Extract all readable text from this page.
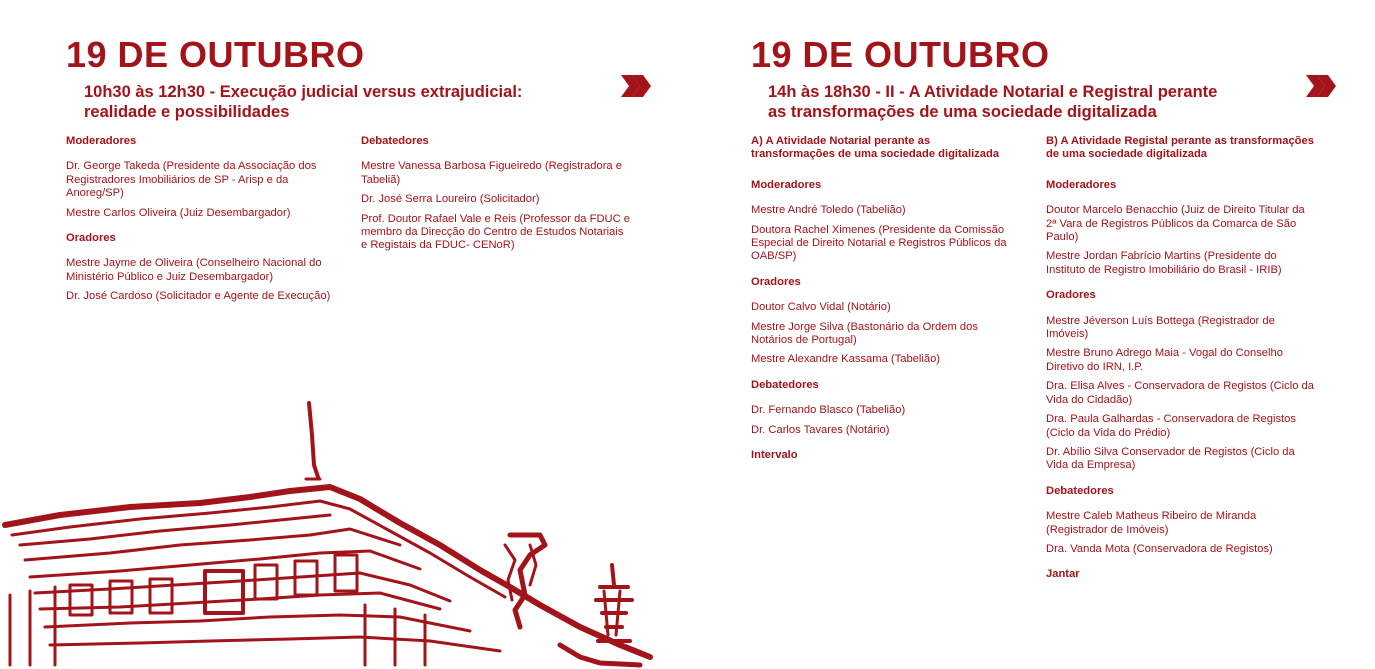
19 DE OUTUBRO
10h30 às 12h30 - Execução judicial versus extrajudicial: realidade e possibilidades
Moderadores
Dr. George Takeda (Presidente da Associação dos Registradores Imobiliários de SP - Arisp e da Anoreg/SP)
Mestre Carlos Oliveira (Juiz Desembargador)
Oradores
Mestre Jayme de Oliveira (Conselheiro Nacional do Ministério Público e Juiz Desembargador)
Dr. José Cardoso (Solicitador e Agente de Execução)
Debatedores
Mestre Vanessa Barbosa Figueiredo (Registradora e Tabeliã)
Dr. José Serra Loureiro (Solicitador)
Prof. Doutor Rafael Vale e Reis (Professor da FDUC e membro da Direcção do Centro de Estudos Notariais e Registais da FDUC- CENoR)
19 DE OUTUBRO
14h às 18h30 - II - A Atividade Notarial e Registral perante as transformações de uma sociedade digitalizada
A) A Atividade Notarial perante as transformações de uma sociedade digitalizada
Moderadores
Mestre André Toledo (Tabelião)
Doutora Rachel Ximenes (Presidente da Comissão Especial de Direito Notarial e Registros Públicos da OAB/SP)
Oradores
Doutor Calvo Vidal (Notário)
Mestre Jorge Silva (Bastonário da Ordem dos Notários de Portugal)
Mestre Alexandre Kassama (Tabelião)
Debatedores
Dr. Fernando Blasco (Tabelião)
Dr. Carlos Tavares (Notário)
Intervalo
B) A Atividade Registal perante as transformações de uma sociedade digitalizada
Moderadores
Doutor Marcelo Benacchio (Juiz de Direito Titular da 2ª Vara de Registros Públicos da Comarca de São Paulo)
Mestre Jordan Fabrício Martins (Presidente do Instituto de Registro Imobiliário do Brasil - IRIB)
Oradores
Mestre Jéverson Luís Bottega (Registrador de Imóveis)
Mestre Bruno Adrego Maia - Vogal do Conselho Diretivo do IRN, I.P.
Dra. Elisa Alves - Conservadora de Registos (Ciclo da Vida do Cidadão)
Dra. Paula Galhardas - Conservadora de Registos (Ciclo da Vida do Prédio)
Dr. Abílio Silva Conservador de Registos (Ciclo da Vida da Empresa)
Debatedores
Mestre Caleb Matheus Ribeiro de Miranda (Registrador de Imóveis)
Dra. Vanda Mota (Conservadora de Registos)
Jantar
